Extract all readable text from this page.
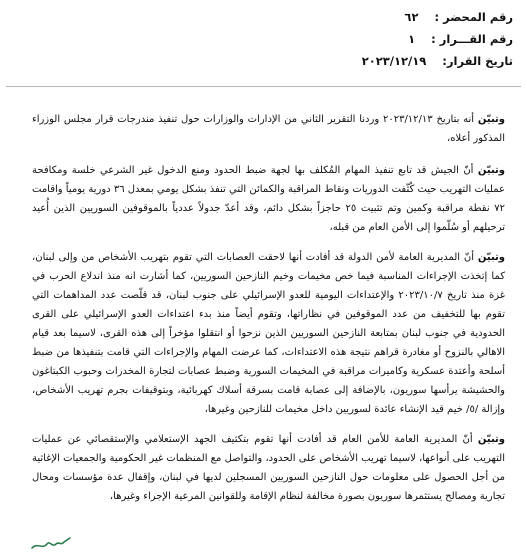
رقم المحضر :
٦٢
رقم القـــرار :
١
تاريخ القرار:
٢٠٢٣/١٢/١٩

وتبيّن أنه بتاريخ ٢٠٢٣/١٢/١٣ وردنا التقرير الثاني من الإدارات والوزارات حول تنفيذ مندرجات قرار مجلس الوزراء المذكور أعلاه،

وتبيّن أنّ الجيش قد تابع تنفيذ المهام المُكلف بها لجهة ضبط الحدود ومنع الدخول غير الشرعي خلسة ومكافحة عمليات التهريب حيث كُثّفت الدوريات ونقاط المراقبة والكمائن التي تنفذ بشكل يومي بمعدل ٣٦ دورية يومياً واقامت ٧٢ نقطة مراقبة وكمين وتم تثبيت ٢٥ حاجزاً بشكل دائم، وقد أعدّ جدولاً عددياً بالموقوفين السوريين الذين أُعيد ترحيلهم أو سُلّموا إلى الأمن العام من قبله،

وتبيّن أنّ المديرية العامة لأمن الدولة قد أفادت أنها لاحقت العصابات التي تقوم بتهريب الأشخاص من وإلى لبنان، كما إتخذت الإجراءات المناسبة فيما خص مخيمات وخيم النازحين السوريين، كما أشارت انه منذ اندلاع الحرب في غزة منذ تاريخ ٢٠٢٣/١٠/٧ والإعتداءات اليومية للعدو الإسرائيلي على جنوب لبنان، قد قلّصت عدد المداهمات التي تقوم بها للتخفيف من عدد الموقوفين في نظاراتها، وتقوم أيضاً منذ بدء اعتداءات العدو الإسرائيلي على القرى الحدودية في جنوب لبنان بمتابعة النازحين السوريين الذين نزحوا أو انتقلوا مؤخراً إلى هذه القرى، لاسيما بعد قيام الاهالي بالنزوح أو مغادرة قراهم نتيجة هذه الاعتداءات، كما عرضت المهام والإجراءات التي قامت بتنفيذها من ضبط أسلحة وأعتدة عسكرية وكاميرات مراقبة في المخيمات السورية وضبط عصابات لتجارة المخدرات وحبوب الكبتاغون والحشيشة يرأسها سوريون، بالإضافة إلى عصابة قامت بسرقة أسلاك كهربائية، وبتوقيفات بجرم تهريب الأشخاص، وإزالة /٥/ خيم قيد الإنشاء عائدة لسوريين داخل مخيمات للنازحين وغيرها،

وتبيّن أنّ المديرية العامة للأمن العام قد أفادت أنها تقوم بتكثيف الجهد الإستعلامي والإستقصائي عن عمليات التهريب على أنواعها، لاسيما تهريب الأشخاص على الحدود، والتواصل مع المنظمات غير الحكومية والجمعيات الإغاثية من أجل الحصول على معلومات حول النازحين السوريين المسجلين لديها في لبنان، وإقفال عدة مؤسسات ومحال تجارية ومصالح يستثمرها سوريون بصورة مخالفة لنظام الإقامة وللقوانين المرعية الإجراء وغيرها،
